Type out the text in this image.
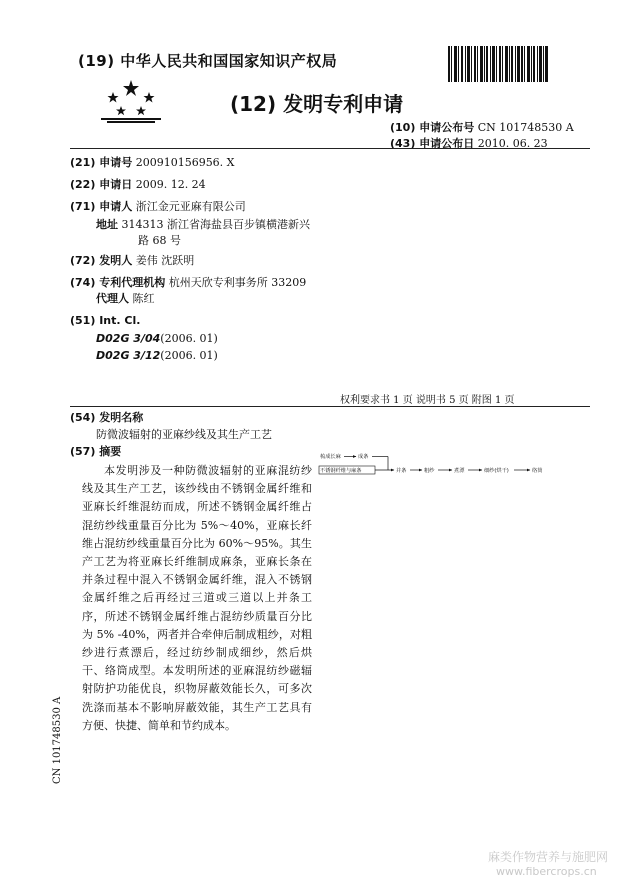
(19) 中华人民共和国国家知识产权局
(12) 发明专利申请
(10) 申请公布号 CN 101748530 A
(43) 申请公布日 2010. 06. 23
(21) 申请号 200910156956. X
(22) 申请日 2009. 12. 24
(71) 申请人 浙江金元亚麻有限公司
地址 314313 浙江省海盐县百步镇横港新兴
路 68 号
(72) 发明人 姜伟 沈跃明
(74) 专利代理机构 杭州天欣专利事务所 33209
代理人 陈红
(51) Int. Cl.
D02G 3/04(2006. 01)
D02G 3/12(2006. 01)
权利要求书 1 页 说明书 5 页 附图 1 页
(54) 发明名称
防微波辐射的亚麻纱线及其生产工艺
(57) 摘要
本发明涉及一种防微波辐射的亚麻混纺纱线及其生产工艺，该纱线由不锈钢金属纤维和亚麻长纤维混纺而成，所述不锈钢金属纤维占混纺纱线重量百分比为 5%～40%，亚麻长纤维占混纺纱线重量百分比为 60%～95%。其生产工艺为将亚麻长纤维制成麻条，亚麻长条在并条过程中混入不锈钢金属纤维，混入不锈钢金属纤维之后再经过三道或三道以上并条工序，所述不锈钢金属纤维占混纺纱质量百分比为 5% -40%，两者并合牵伸后制成粗纱，对粗纱进行煮漂后，经过纺纱制成细纱，然后烘干、络筒成型。本发明所述的亚麻混纺纱磁辐射防护功能优良，织物屏蔽效能长久，可多次洗涤而基本不影响屏蔽效能，其生产工艺具有方便、快捷、简单和节约成本。
梳成长麻	成条
不锈钢纤维与麻条	并条	粗纱	煮漂	细纱(烘干)	络筒
CN 101748530 A
麻类作物营养与施肥网
www.fibercrops.cn
